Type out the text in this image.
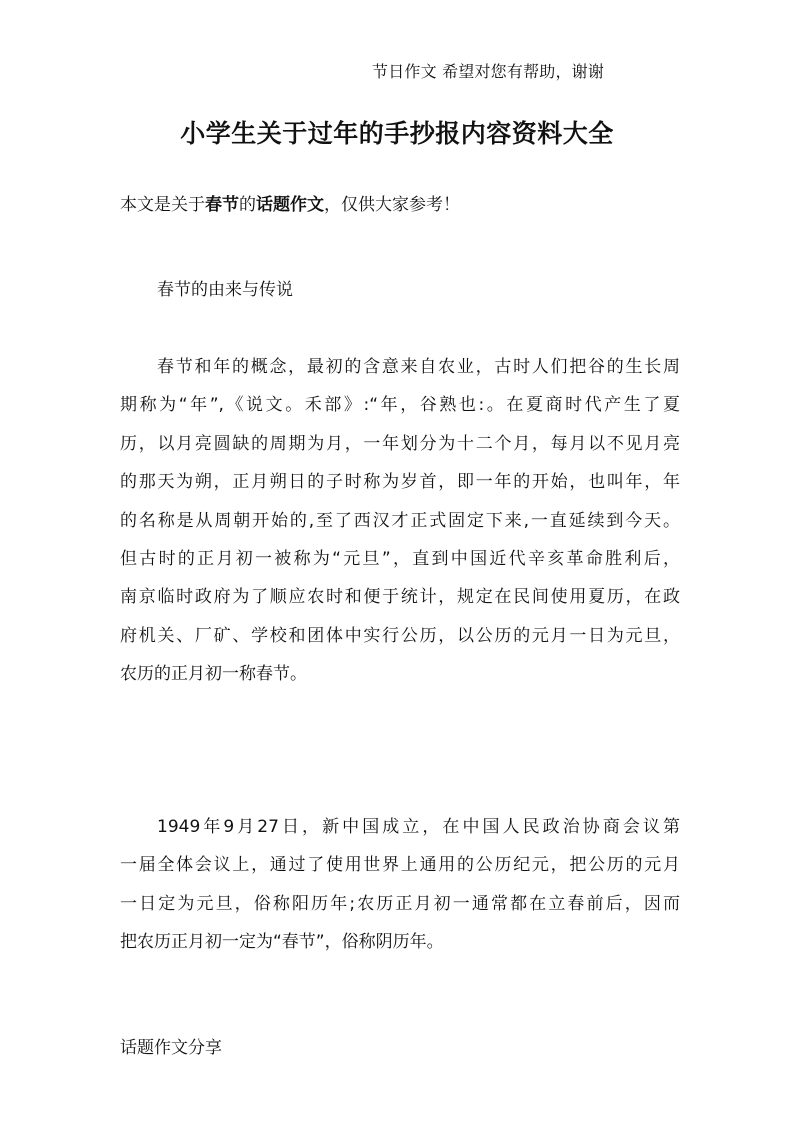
节日作文 希望对您有帮助，谢谢
小学生关于过年的手抄报内容资料大全
本文是关于春节的话题作文，仅供大家参考！
春节的由来与传说
春节和年的概念，最初的含意来自农业，古时人们把谷的生长周
期称为“年”,《说文。禾部》:“年，谷熟也:。在夏商时代产生了夏
历，以月亮圆缺的周期为月，一年划分为十二个月，每月以不见月亮
的那天为朔，正月朔日的子时称为岁首，即一年的开始，也叫年，年
的名称是从周朝开始的,至了西汉才正式固定下来,一直延续到今天。
但古时的正月初一被称为“元旦”，直到中国近代辛亥革命胜利后，
南京临时政府为了顺应农时和便于统计，规定在民间使用夏历，在政
府机关、厂矿、学校和团体中实行公历，以公历的元月一日为元旦，
农历的正月初一称春节。
1949年9月27日，新中国成立，在中国人民政治协商会议第
一届全体会议上，通过了使用世界上通用的公历纪元，把公历的元月
一日定为元旦，俗称阳历年;农历正月初一通常都在立春前后，因而
把农历正月初一定为“春节”，俗称阴历年。
话题作文分享
